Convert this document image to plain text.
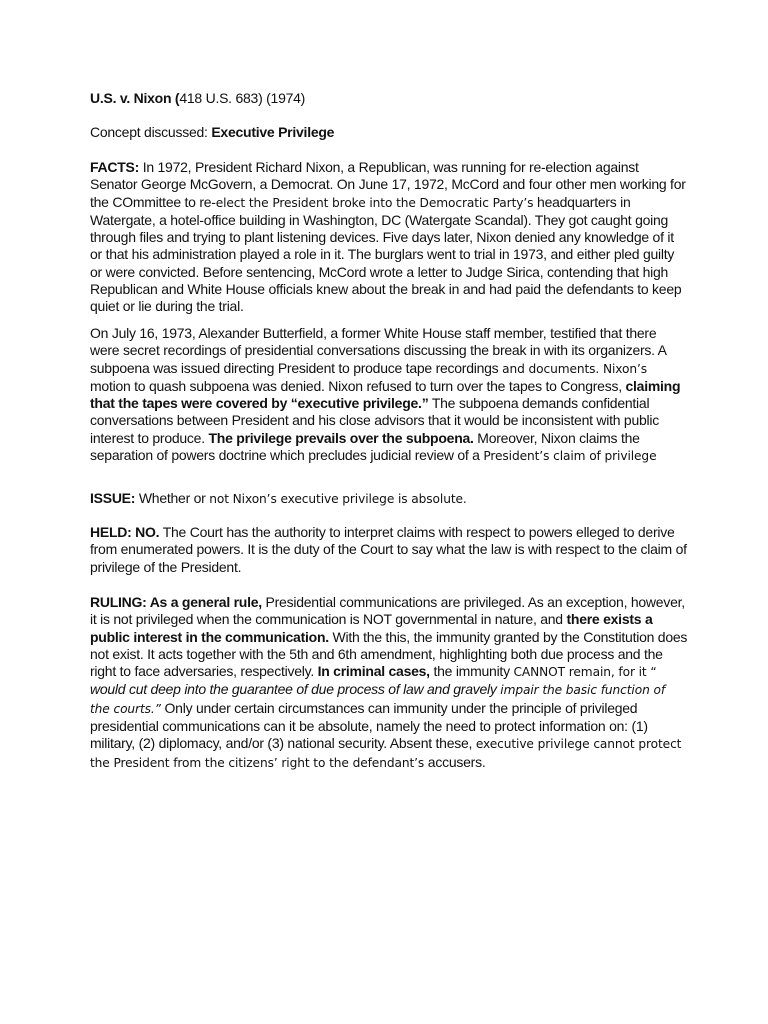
U.S. v. Nixon (418 U.S. 683) (1974)
Concept discussed: Executive Privilege
FACTS: In 1972, President Richard Nixon, a Republican, was running for re-election against Senator George McGovern, a Democrat. On June 17, 1972, McCord and four other men working for the COmmittee to re-elect the President broke into the Democratic Party’s headquarters in Watergate, a hotel-office building in Washington, DC (Watergate Scandal). They got caught going through files and trying to plant listening devices. Five days later, Nixon denied any knowledge of it or that his administration played a role in it. The burglars went to trial in 1973, and either pled guilty or were convicted. Before sentencing, McCord wrote a letter to Judge Sirica, contending that high Republican and White House officials knew about the break in and had paid the defendants to keep quiet or lie during the trial.
On July 16, 1973, Alexander Butterfield, a former White House staff member, testified that there were secret recordings of presidential conversations discussing the break in with its organizers. A subpoena was issued directing President to produce tape recordings and documents. Nixon’s motion to quash subpoena was denied. Nixon refused to turn over the tapes to Congress, claiming that the tapes were covered by “executive privilege.” The subpoena demands confidential conversations between President and his close advisors that it would be inconsistent with public interest to produce. The privilege prevails over the subpoena. Moreover, Nixon claims the separation of powers doctrine which precludes judicial review of a President’s claim of privilege
ISSUE: Whether or not Nixon’s executive privilege is absolute.
HELD: NO. The Court has the authority to interpret claims with respect to powers elleged to derive from enumerated powers. It is the duty of the Court to say what the law is with respect to the claim of privilege of the President.
RULING: As a general rule, Presidential communications are privileged. As an exception, however, it is not privileged when the communication is NOT governmental in nature, and there exists a public interest in the communication. With the this, the immunity granted by the Constitution does not exist. It acts together with the 5th and 6th amendment, highlighting both due process and the right to face adversaries, respectively. In criminal cases, the immunity CANNOT remain, for it “ would cut deep into the guarantee of due process of law and gravely impair the basic function of the courts.” Only under certain circumstances can immunity under the principle of privileged presidential communications can it be absolute, namely the need to protect information on: (1) military, (2) diplomacy, and/or (3) national security. Absent these, executive privilege cannot protect the President from the citizens’ right to the defendant’s accusers.
